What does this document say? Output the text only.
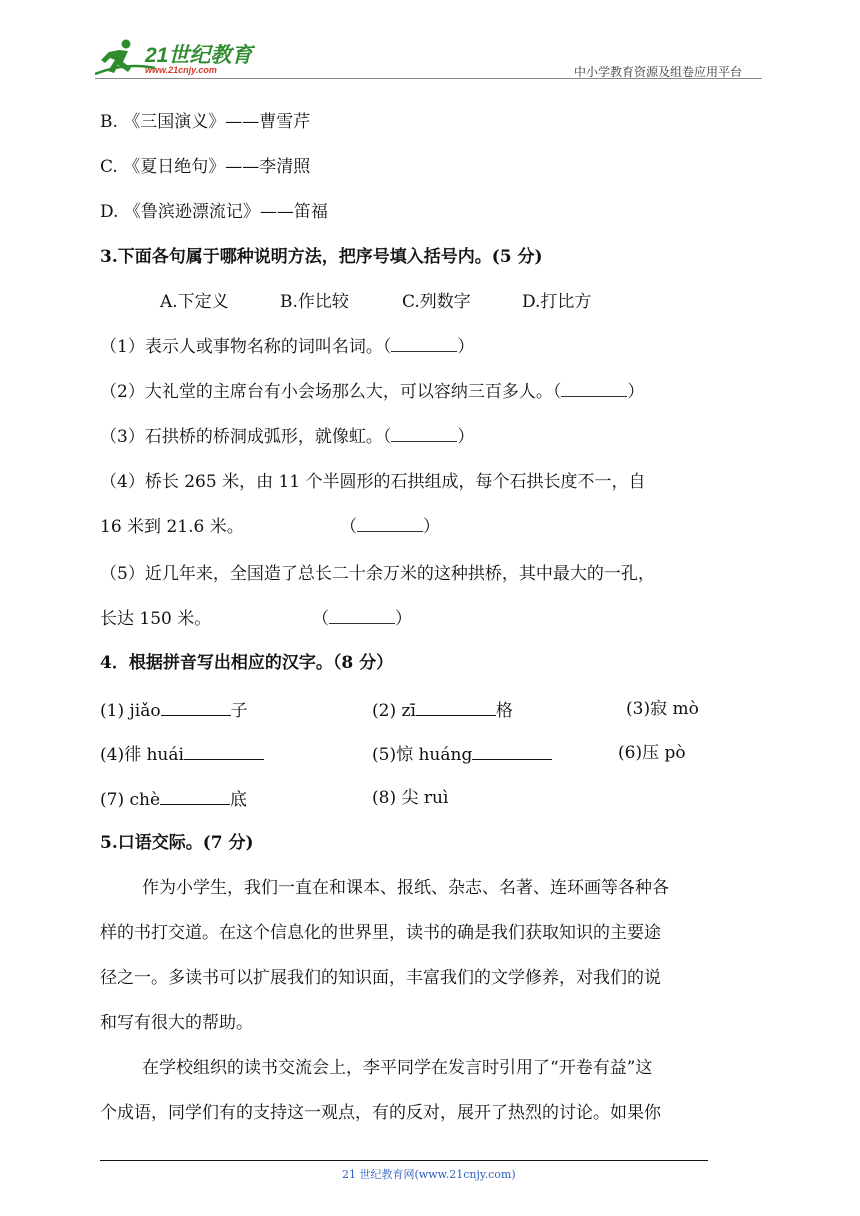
21世纪教育
www.21cnjy.com	中小学教育资源及组卷应用平台
B. 《三国演义》——曹雪芹
C. 《夏日绝句》——李清照
D. 《鲁滨逊漂流记》——笛福
3.下面各句属于哪种说明方法，把序号填入括号内。(5 分)
A.下定义	B.作比较	C.列数字	D.打比方
（1）表示人或事物名称的词叫名词。（	）
（2）大礼堂的主席台有小会场那么大，可以容纳三百多人。（	）
（3）石拱桥的桥洞成弧形，就像虹。（	）
（4）桥长 265 米，由 11 个半圆形的石拱组成，每个石拱长度不一，自
16 米到 21.6 米。	（	）
（5）近几年来，全国造了总长二十余万米的这种拱桥，其中最大的一孔，
长达 150 米。	（	）
4．根据拼音写出相应的汉字。（8 分）
(1) jiǎo	子	(2) zī	格	(3)寂 mò
(4)徘 huái	(5)惊 huáng	(6)压 pò
(7) chè	底	(8) 尖 ruì
5.口语交际。(7 分)
作为小学生，我们一直在和课本、报纸、杂志、名著、连环画等各种各
样的书打交道。在这个信息化的世界里，读书的确是我们获取知识的主要途
径之一。多读书可以扩展我们的知识面，丰富我们的文学修养，对我们的说
和写有很大的帮助。
在学校组织的读书交流会上，李平同学在发言时引用了“开卷有益”这
个成语，同学们有的支持这一观点，有的反对，展开了热烈的讨论。如果你
21 世纪教育网(www.21cnjy.com)
